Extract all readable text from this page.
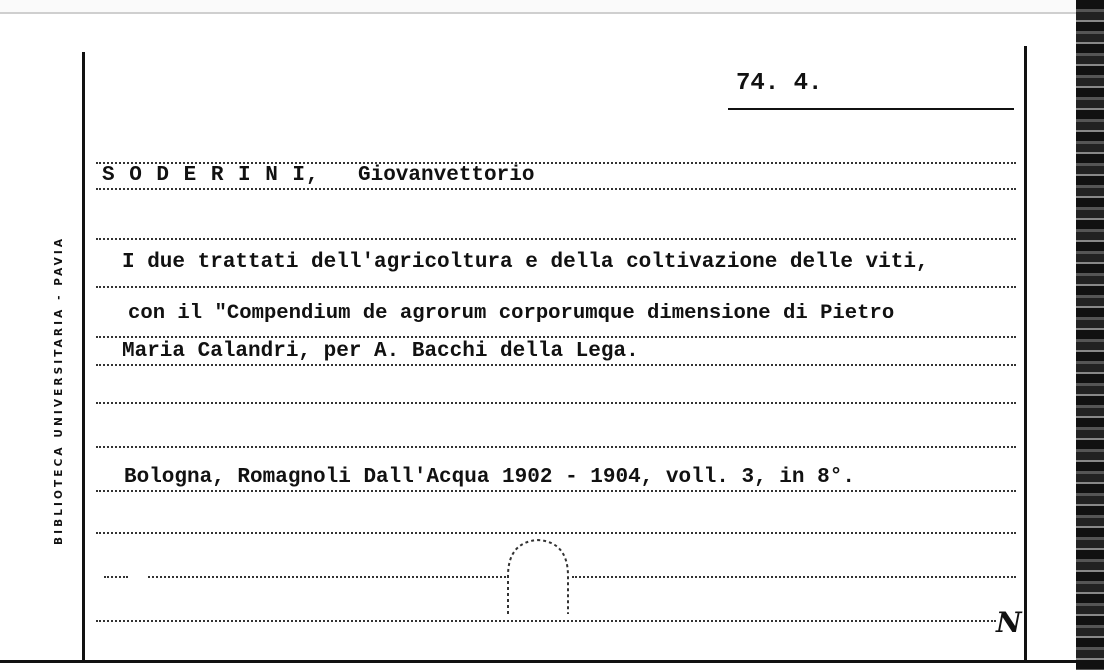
BIBLIOTECA UNIVERSITARIA - PAVIA
74. 4.
S O D E R I N I, Giovanvettorio
I due trattati dell'agricoltura e della coltivazione delle viti,
con il "Compendium de agrorum corporumque dimensione di Pietro
Maria Calandri, per A. Bacchi della Lega.
Bologna, Romagnoli Dall'Acqua 1902 - 1904, voll. 3, in 8°.
N
